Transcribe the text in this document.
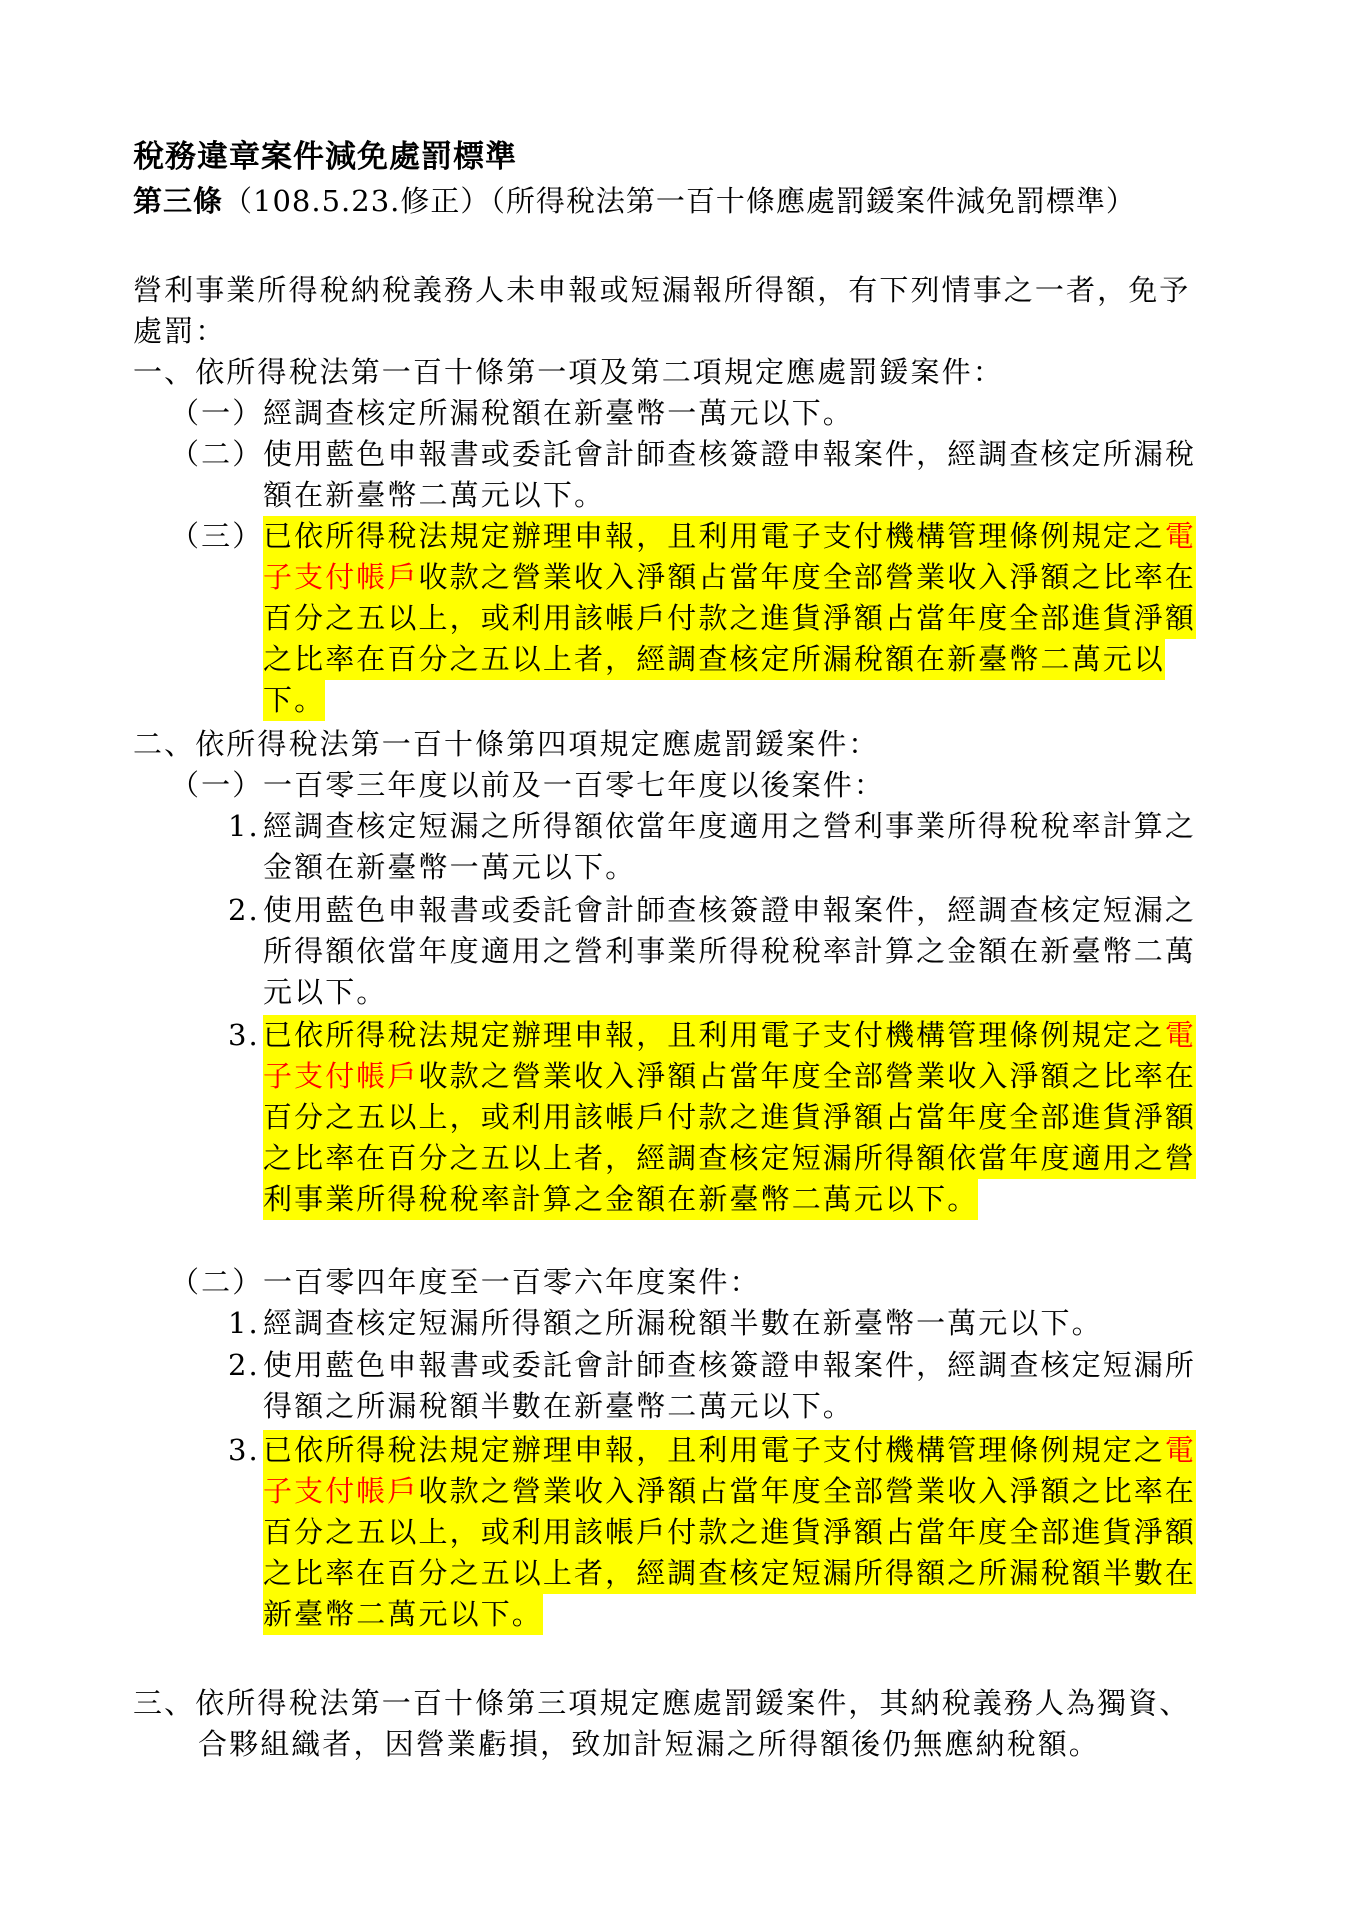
稅務違章案件減免處罰標準
第三條（108.5.23.修正）（所得稅法第一百十條應處罰鍰案件減免罰標準）
營利事業所得稅納稅義務人未申報或短漏報所得額，有下列情事之一者，免予
處罰：
一、依所得稅法第一百十條第一項及第二項規定應處罰鍰案件：
（一） 經調查核定所漏稅額在新臺幣一萬元以下。
（二） 使用藍色申報書或委託會計師查核簽證申報案件，經調查核定所漏稅
額在新臺幣二萬元以下。
（三） 已依所得稅法規定辦理申報，且利用電子支付機構管理條例規定之電
子支付帳戶收款之營業收入淨額占當年度全部營業收入淨額之比率在
百分之五以上，或利用該帳戶付款之進貨淨額占當年度全部進貨淨額
之比率在百分之五以上者，經調查核定所漏稅額在新臺幣二萬元以
下。
二、依所得稅法第一百十條第四項規定應處罰鍰案件：
（一） 一百零三年度以前及一百零七年度以後案件：
1. 經調查核定短漏之所得額依當年度適用之營利事業所得稅稅率計算之
金額在新臺幣一萬元以下。
2. 使用藍色申報書或委託會計師查核簽證申報案件，經調查核定短漏之
所得額依當年度適用之營利事業所得稅稅率計算之金額在新臺幣二萬
元以下。
3. 已依所得稅法規定辦理申報，且利用電子支付機構管理條例規定之電
子支付帳戶收款之營業收入淨額占當年度全部營業收入淨額之比率在
百分之五以上，或利用該帳戶付款之進貨淨額占當年度全部進貨淨額
之比率在百分之五以上者，經調查核定短漏所得額依當年度適用之營
利事業所得稅稅率計算之金額在新臺幣二萬元以下。
（二） 一百零四年度至一百零六年度案件：
1. 經調查核定短漏所得額之所漏稅額半數在新臺幣一萬元以下。
2. 使用藍色申報書或委託會計師查核簽證申報案件，經調查核定短漏所
得額之所漏稅額半數在新臺幣二萬元以下。
3. 已依所得稅法規定辦理申報，且利用電子支付機構管理條例規定之電
子支付帳戶收款之營業收入淨額占當年度全部營業收入淨額之比率在
百分之五以上，或利用該帳戶付款之進貨淨額占當年度全部進貨淨額
之比率在百分之五以上者，經調查核定短漏所得額之所漏稅額半數在
新臺幣二萬元以下。
三、依所得稅法第一百十條第三項規定應處罰鍰案件，其納稅義務人為獨資、
合夥組織者，因營業虧損，致加計短漏之所得額後仍無應納稅額。
